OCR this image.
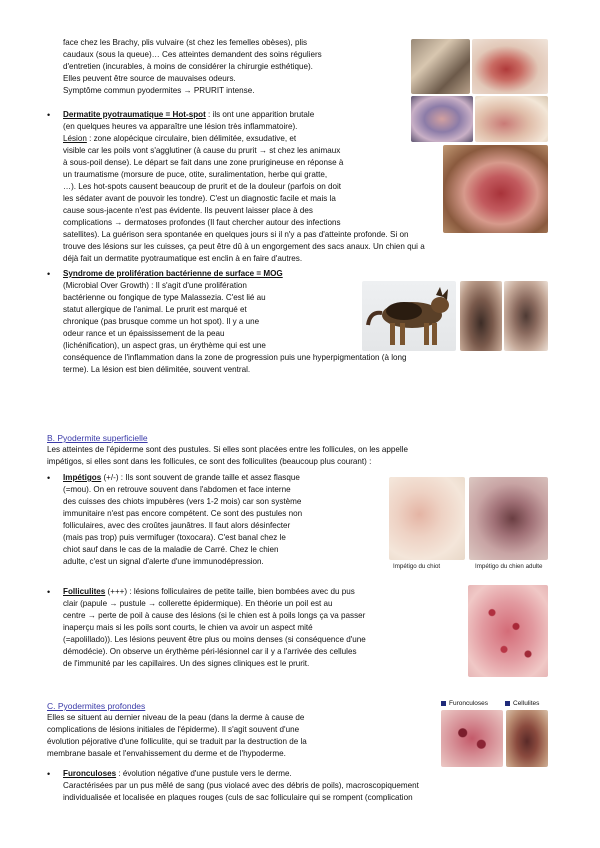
face chez les Brachy, plis vulvaire (st chez les femelles obèses), plis

caudaux (sous la queue)… Ces atteintes demandent des soins réguliers

d'entretien (incurables, à moins de considérer la chirurgie esthétique).

Elles peuvent être source de mauvaises odeurs.

Symptôme commun pyodermites → PRURIT intense.

• Dermatite pyotraumatique = Hot-spot : ils ont une apparition brutale

(en quelques heures va apparaître une lésion très inflammatoire).

Lésion : zone alopécique circulaire, bien délimitée, exsudative, et

visible car les poils vont s'agglutiner (à cause du prurit → st chez les animaux

à sous-poil dense). Le départ se fait dans une zone prurigineuse en réponse à

un traumatisme (morsure de puce, otite, suralimentation, herbe qui gratte,

…). Les hot-spots causent beaucoup de prurit et de la douleur (parfois on doit

les sédater avant de pouvoir les tondre). C'est un diagnostic facile et mais la

cause sous-jacente n'est pas évidente. Ils peuvent laisser place à des

complications → dermatoses profondes (Il faut chercher autour des infections

satellites). La guérison sera spontanée en quelques jours si il n'y a pas d'atteinte profonde. Si on

trouve des lésions sur les cuisses, ça peut être dû à un engorgement des sacs anaux. Un chien qui a

déjà fait un dermatite pyotraumatique est enclin à en faire d'autres.

• Syndrome de prolifération bactérienne de surface = MOG

(Microbial Over Growth) : Il s'agit d'une prolifération

bactérienne ou fongique de type Malassezia. C'est lié au

statut allergique de l'animal. Le prurit est marqué et

chronique (pas brusque comme un hot spot). Il y a une

odeur rance et un épaississement de la peau

(lichénification), un aspect gras, un érythème qui est une

conséquence de l'inflammation dans la zone de progression puis une hyperpigmentation (à long

terme). La lésion est bien délimitée, souvent ventral.

B. Pyodermite superficielle

Les atteintes de l'épiderme sont des pustules. Si elles sont placées entre les follicules, on les appelle

impétigos, si elles sont dans les follicules, ce sont des folliculites (beaucoup plus courant) :

• Impétigos (+/-) : Ils sont souvent de grande taille et assez flasque

(=mou). On en retrouve souvent dans l'abdomen et face interne

des cuisses des chiots impubères (vers 1-2 mois) car son système

immunitaire n'est pas encore compétent. Ce sont des pustules non

folliculaires, avec des croûtes jaunâtres. Il faut alors désinfecter

(mais pas trop) puis vermifuger (toxocara). C'est banal chez le

chiot sauf dans le cas de la maladie de Carré. Chez le chien

adulte, c'est un signal d'alerte d'une immunodépression.

Impétigo du chiot	Impétigo du chien adulte
• Folliculites (+++) : lésions folliculaires de petite taille, bien bombées avec du pus

clair (papule → pustule → collerette épidermique). En théorie un poil est au

centre → perte de poil à cause des lésions (si le chien est à poils longs ça va passer

inaperçu mais si les poils sont courts, le chien va avoir un aspect mité

(=apolillado)). Les lésions peuvent être plus ou moins denses (si conséquence d'une

démodécie). On observe un érythème péri-lésionnel car il y a l'arrivée des cellules

de l'immunité par les capillaires. Un des signes cliniques est le prurit.

C. Pyodermites profondes

Elles se situent au dernier niveau de la peau (dans la derme à cause de

complications de lésions initiales de l'épiderme). Il s'agit souvent d'une

évolution péjorative d'une folliculite, qui se traduit par la destruction de la

membrane basale et l'envahissement du derme et de l'hypoderme.

Furonculoses	Cellulites
• Furonculoses : évolution négative d'une pustule vers le derme.

Caractérisées par un pus mêlé de sang (pus violacé avec des débris de poils), macroscopiquement

individualisée et localisée en plaques rouges (culs de sac folliculaire qui se rompent (complication
